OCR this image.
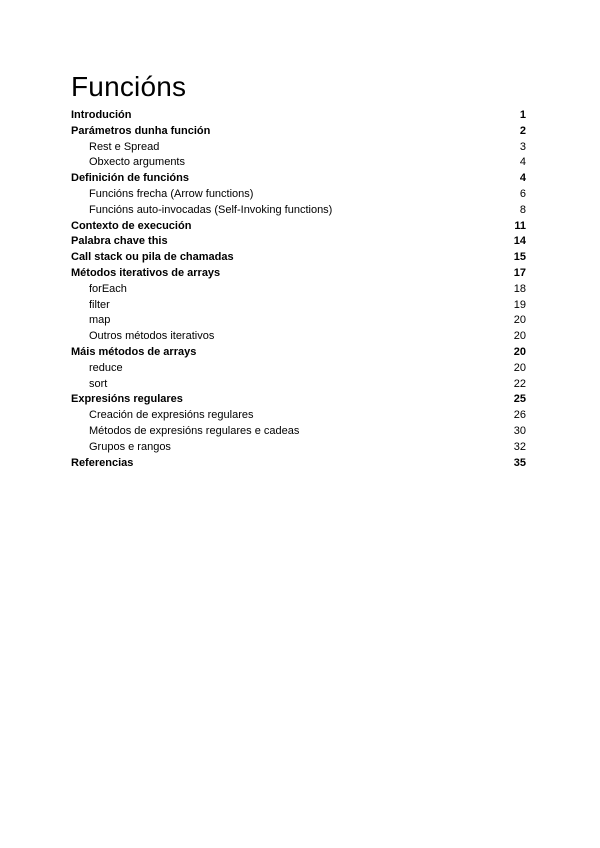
Funcións
Introdución	1
Parámetros dunha función	2
Rest e Spread	3
Obxecto arguments	4
Definición de funcións	4
Funcións frecha (Arrow functions)	6
Funcións auto-invocadas (Self-Invoking functions)	8
Contexto de execución	11
Palabra chave this	14
Call stack ou pila de chamadas	15
Métodos iterativos de arrays	17
forEach	18
filter	19
map	20
Outros métodos iterativos	20
Máis métodos de arrays	20
reduce	20
sort	22
Expresións regulares	25
Creación de expresións regulares	26
Métodos de expresións regulares e cadeas	30
Grupos e rangos	32
Referencias	35
